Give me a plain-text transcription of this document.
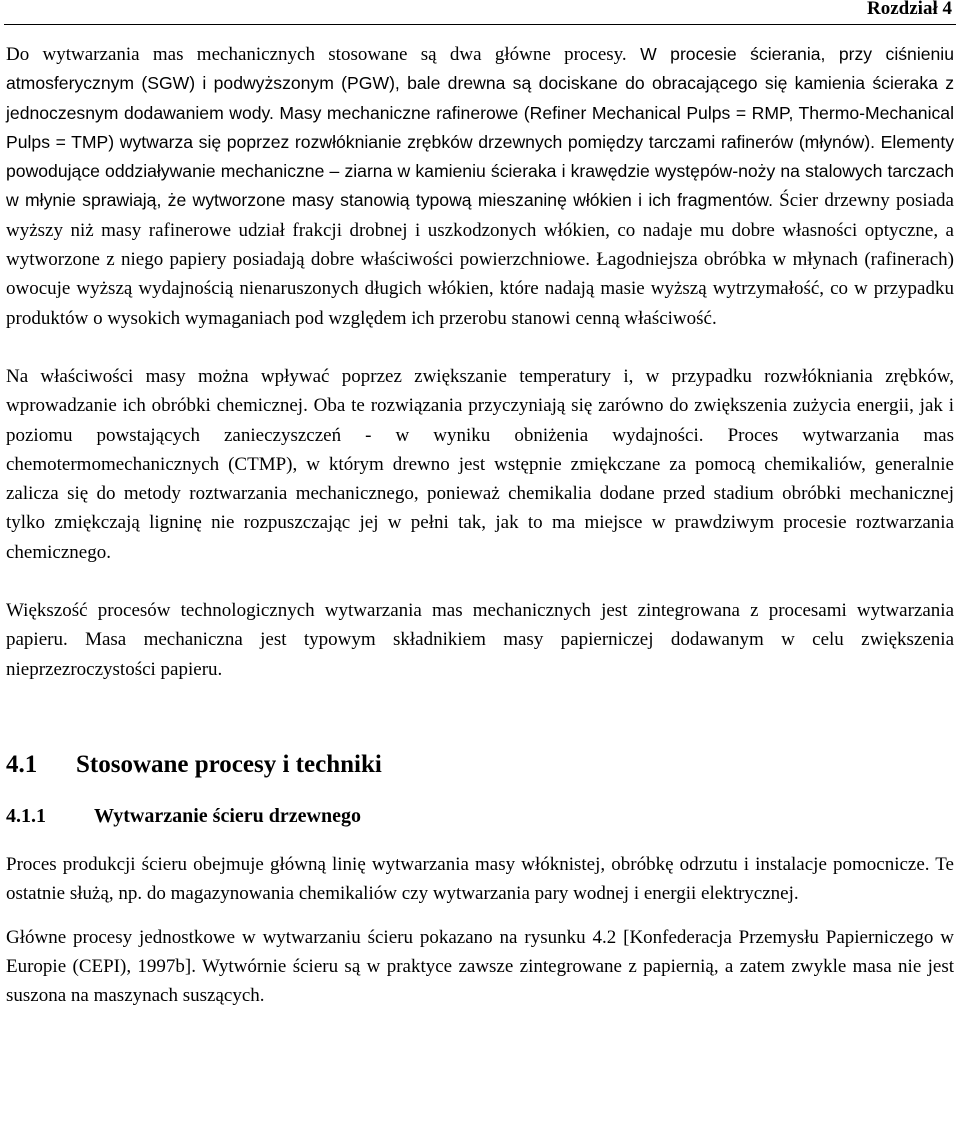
Rozdział 4

Do wytwarzania mas mechanicznych stosowane są dwa główne procesy. W procesie ścierania, przy ciśnieniu atmosferycznym (SGW) i podwyższonym (PGW), bale drewna są dociskane do obracającego się kamienia ścieraka z jednoczesnym dodawaniem wody. Masy mechaniczne rafinerowe (Refiner Mechanical Pulps = RMP, Thermo-Mechanical Pulps = TMP) wytwarza się poprzez rozwłóknianie zrębków drzewnych pomiędzy tarczami rafinerów (młynów). Elementy powodujące oddziaływanie mechaniczne – ziarna w kamieniu ścieraka i krawędzie występów-noży na stalowych tarczach w młynie sprawiają, że wytworzone masy stanowią typową mieszaninę włókien i ich fragmentów. Ścier drzewny posiada wyższy niż masy rafinerowe udział frakcji drobnej i uszkodzonych włókien, co nadaje mu dobre własności optyczne, a wytworzone z niego papiery posiadają dobre właściwości powierzchniowe. Łagodniejsza obróbka w młynach (rafinerach) owocuje wyższą wydajnością nienaruszonych długich włókien, które nadają masie wyższą wytrzymałość, co w przypadku produktów o wysokich wymaganiach pod względem ich przerobu stanowi cenną właściwość.

Na właściwości masy można wpływać poprzez zwiększanie temperatury i, w przypadku rozwłókniania zrębków, wprowadzanie ich obróbki chemicznej. Oba te rozwiązania przyczyniają się zarówno do zwiększenia zużycia energii, jak i poziomu powstających zanieczyszczeń - w wyniku obniżenia wydajności. Proces wytwarzania mas chemotermomechanicznych (CTMP), w którym drewno jest wstępnie zmiękczane za pomocą chemikaliów, generalnie zalicza się do metody roztwarzania mechanicznego, ponieważ chemikalia dodane przed stadium obróbki mechanicznej tylko zmiękczają ligninę nie rozpuszczając jej w pełni tak, jak to ma miejsce w prawdziwym procesie roztwarzania chemicznego.

Większość procesów technologicznych wytwarzania mas mechanicznych jest zintegrowana z procesami wytwarzania papieru. Masa mechaniczna jest typowym składnikiem masy papierniczej dodawanym w celu zwiększenia nieprzezroczystości papieru.

4.1 Stosowane procesy i techniki
4.1.1 Wytwarzanie ścieru drzewnego

Proces produkcji ścieru obejmuje główną linię wytwarzania masy włóknistej, obróbkę odrzutu i instalacje pomocnicze. Te ostatnie służą, np. do magazynowania chemikaliów czy wytwarzania pary wodnej i energii elektrycznej.

Główne procesy jednostkowe w wytwarzaniu ścieru pokazano na rysunku 4.2 [Konfederacja Przemysłu Papierniczego w Europie (CEPI), 1997b]. Wytwórnie ścieru są w praktyce zawsze zintegrowane z papiernią, a zatem zwykle masa nie jest suszona na maszynach suszących.
